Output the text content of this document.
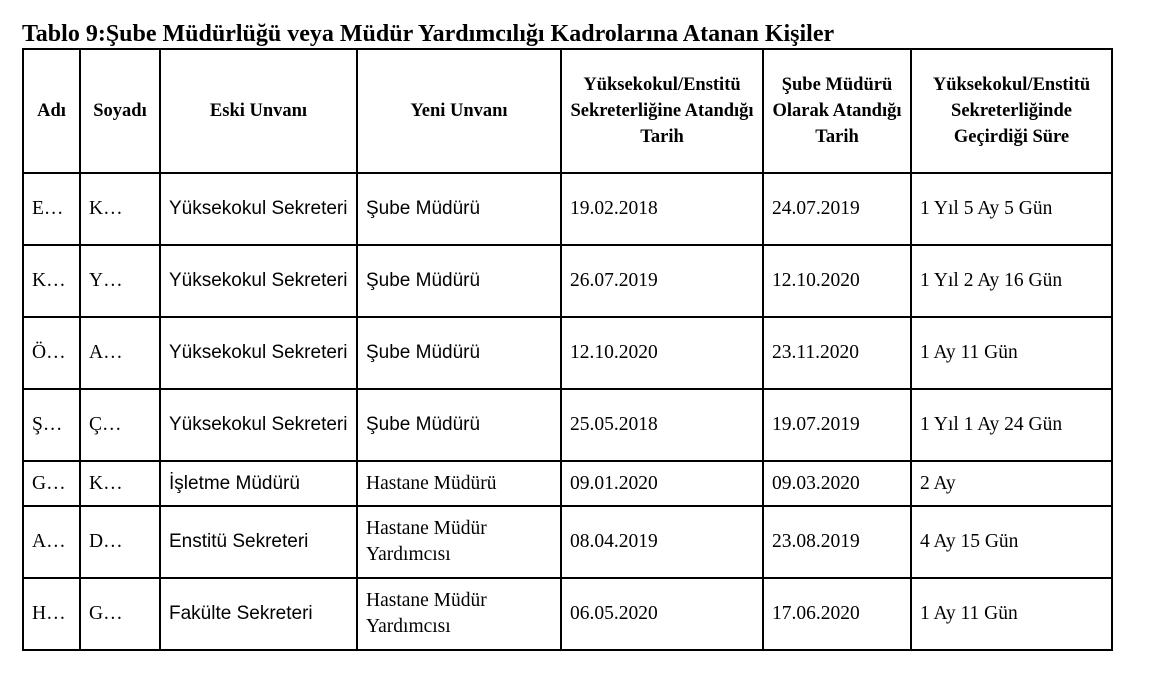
Tablo 9:Şube Müdürlüğü veya Müdür Yardımcılığı Kadrolarına Atanan Kişiler
Adı	Soyadı	Eski Unvanı	Yeni Unvanı	Yüksekokul/Enstitü Sekreterliğine Atandığı Tarih	Şube Müdürü Olarak Atandığı Tarih	Yüksekokul/Enstitü Sekreterliğinde Geçirdiği Süre
E…	K…	Yüksekokul Sekreteri	Şube Müdürü	19.02.2018	24.07.2019	1 Yıl 5 Ay 5 Gün
K…	Y…	Yüksekokul Sekreteri	Şube Müdürü	26.07.2019	12.10.2020	1 Yıl 2 Ay 16 Gün
Ö…	A…	Yüksekokul Sekreteri	Şube Müdürü	12.10.2020	23.11.2020	1 Ay 11 Gün
Ş…	Ç…	Yüksekokul Sekreteri	Şube Müdürü	25.05.2018	19.07.2019	1 Yıl 1 Ay 24 Gün
G…	K…	İşletme Müdürü	Hastane Müdürü	09.01.2020	09.03.2020	2 Ay
A…	D…	Enstitü Sekreteri	Hastane Müdür Yardımcısı	08.04.2019	23.08.2019	4 Ay 15 Gün
H…	G…	Fakülte Sekreteri	Hastane Müdür Yardımcısı	06.05.2020	17.06.2020	1 Ay 11 Gün
